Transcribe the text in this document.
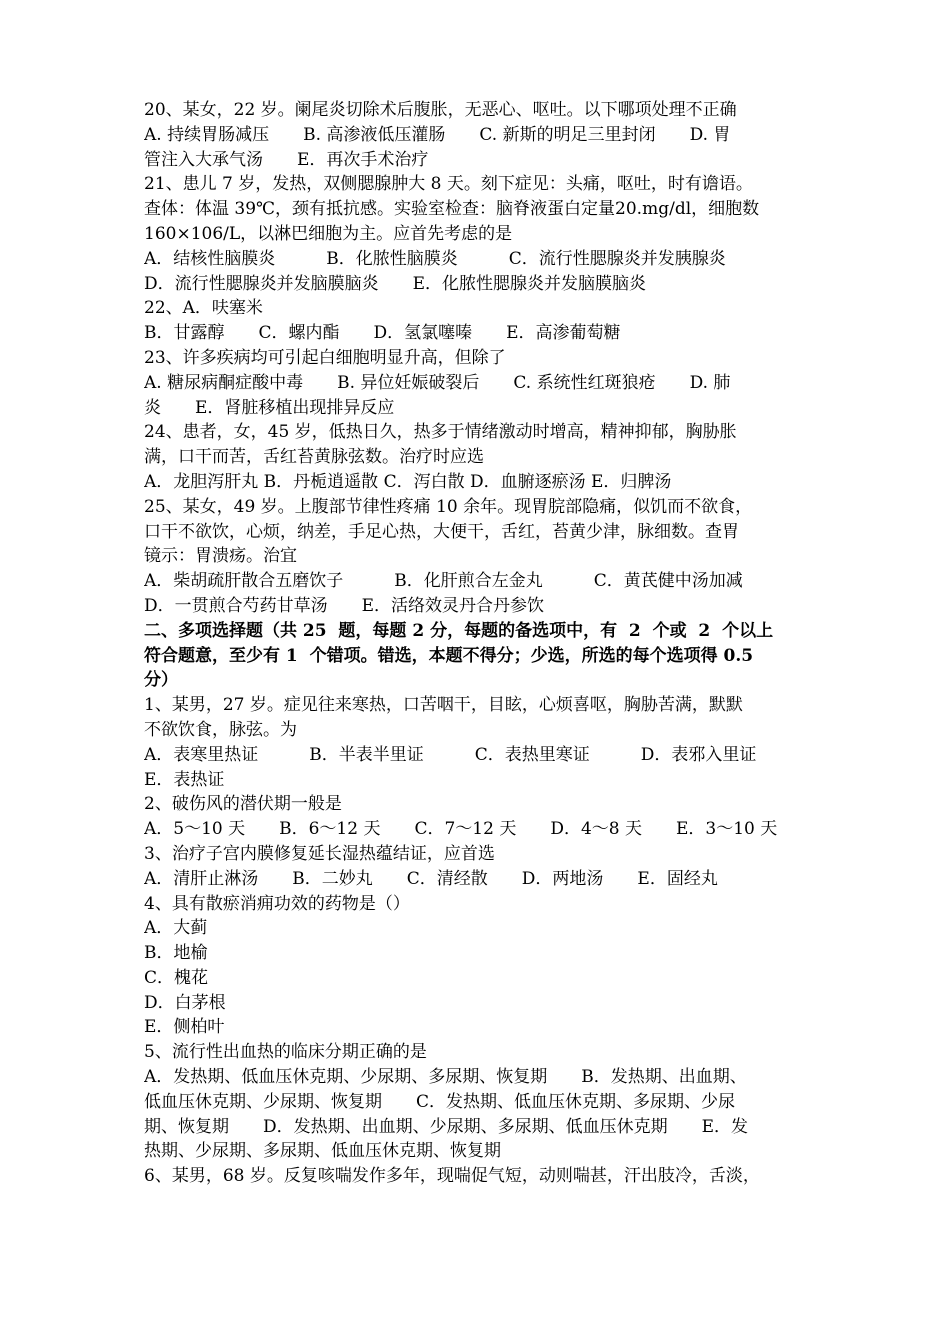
20、某女，22 岁。阑尾炎切除术后腹胀，无恶心、呕吐。以下哪项处理不正确
A. 持续胃肠减压　　B. 高渗液低压灌肠　　C. 新斯的明足三里封闭　　D. 胃
管注入大承气汤　　E．再次手术治疗
21、患儿 7 岁，发热，双侧腮腺肿大 8 天。刻下症见：头痛，呕吐，时有谵语。
查体：体温 39℃，颈有抵抗感。实验室检查：脑脊液蛋白定量20.mg/dl，细胞数
160×106/L，以淋巴细胞为主。应首先考虑的是
A．结核性脑膜炎　　　B．化脓性脑膜炎　　　C．流行性腮腺炎并发胰腺炎
D．流行性腮腺炎并发脑膜脑炎　　E．化脓性腮腺炎并发脑膜脑炎
22、A．呋塞米
B．甘露醇　　C．螺内酯　　D．氢氯噻嗪　　E．高渗葡萄糖
23、许多疾病均可引起白细胞明显升高，但除了
A. 糖尿病酮症酸中毒　　B. 异位妊娠破裂后　　C. 系统性红斑狼疮　　D. 肺
炎　　E．肾脏移植出现排异反应
24、患者，女，45 岁，低热日久，热多于情绪激动时增高，精神抑郁，胸胁胀
满，口干而苦，舌红苔黄脉弦数。治疗时应选
A．龙胆泻肝丸 B．丹栀逍遥散 C．泻白散 D．血腑逐瘀汤 E．归脾汤
25、某女，49 岁。上腹部节律性疼痛 10 余年。现胃脘部隐痛，似饥而不欲食，
口干不欲饮，心烦，纳差，手足心热，大便干，舌红，苔黄少津，脉细数。查胃
镜示：胃溃疡。治宜
A．柴胡疏肝散合五磨饮子　　　B．化肝煎合左金丸　　　C．黄芪健中汤加减
D．一贯煎合芍药甘草汤　　E．活络效灵丹合丹参饮
二、多项选择题（共 25  题，每题 2 分，每题的备选项中，有  2  个或  2  个以上
符合题意，至少有 1  个错项。错选，本题不得分；少选，所选的每个选项得 0.5
分）
1、某男，27 岁。症见往来寒热，口苦咽干，目眩，心烦喜呕，胸胁苦满，默默
不欲饮食，脉弦。为
A．表寒里热证　　　B．半表半里证　　　C．表热里寒证　　　D．表邪入里证
E．表热证
2、破伤风的潜伏期一般是
A．5～10 天　　B．6～12 天　　C．7～12 天　　D．4～8 天　　E．3～10 天
3、治疗子宫内膜修复延长湿热蕴结证，应首选
A．清肝止淋汤　　B．二妙丸　　C．清经散　　D．两地汤　　E．固经丸
4、具有散瘀消痈功效的药物是（）
A．大蓟
B．地榆
C．槐花
D．白茅根
E．侧柏叶
5、流行性出血热的临床分期正确的是
A．发热期、低血压休克期、少尿期、多尿期、恢复期　　B．发热期、出血期、
低血压休克期、少尿期、恢复期　　C．发热期、低血压休克期、多尿期、少尿
期、恢复期　　D．发热期、出血期、少尿期、多尿期、低血压休克期　　E．发
热期、少尿期、多尿期、低血压休克期、恢复期
6、某男，68 岁。反复咳喘发作多年，现喘促气短，动则喘甚，汗出肢冷，舌淡，
